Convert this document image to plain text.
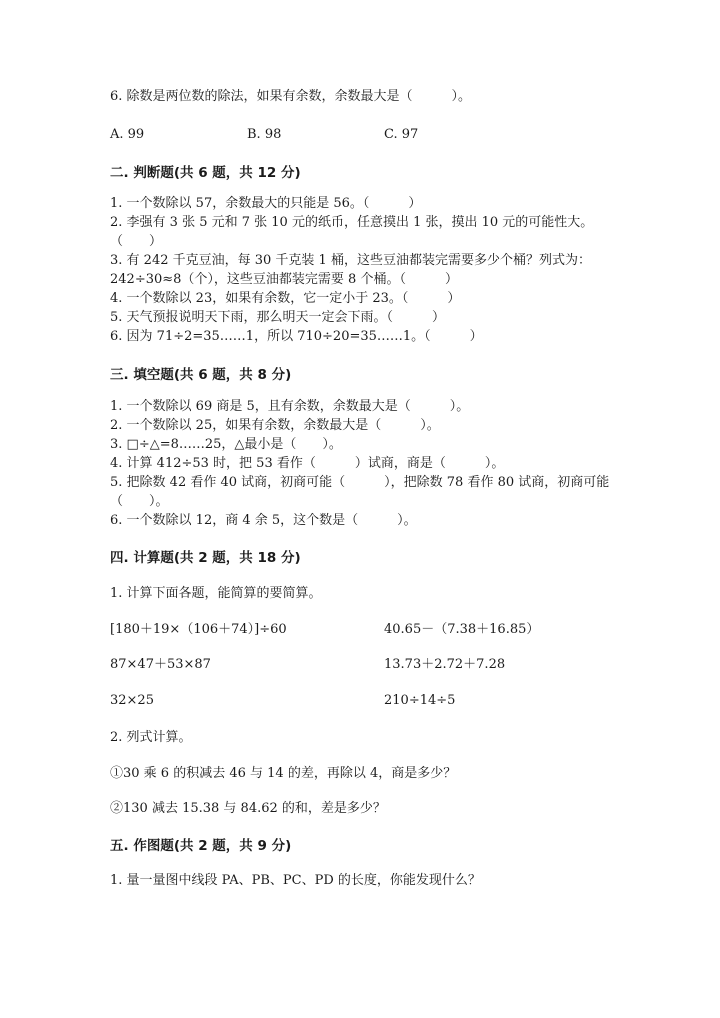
6. 除数是两位数的除法，如果有余数，余数最大是（　　　）。
A. 99	B. 98	C. 97
二. 判断题(共 6 题，共 12 分)
1. 一个数除以 57，余数最大的只能是 56。（　　　）
2. 李强有 3 张 5 元和 7 张 10 元的纸币，任意摸出 1 张，摸出 10 元的可能性大。　　（　　）
3. 有 242 千克豆油，每 30 千克装 1 桶，这些豆油都装完需要多少个桶？列式为：242÷30≈8（个），这些豆油都装完需要 8 个桶。（　　　）
4. 一个数除以 23，如果有余数，它一定小于 23。（　　　）
5. 天气预报说明天下雨，那么明天一定会下雨。（　　　）
6. 因为 71÷2=35……1，所以 710÷20=35……1。（　　　）
三. 填空题(共 6 题，共 8 分)
1. 一个数除以 69 商是 5，且有余数，余数最大是（　　　）。
2. 一个数除以 25，如果有余数，余数最大是（　　　）。
3. □÷△=8……25，△最小是（　　）。
4. 计算 412÷53 时，把 53 看作（　　　）试商，商是（　　　）。
5. 把除数 42 看作 40 试商，初商可能（　　　），把除数 78 看作 80 试商，初商可能（　　）。
6. 一个数除以 12，商 4 余 5，这个数是（　　　）。
四. 计算题(共 2 题，共 18 分)
1. 计算下面各题，能简算的要简算。
[180＋19×（106＋74）]÷60	40.65－（7.38＋16.85）
87×47＋53×87	13.73＋2.72＋7.28
32×25	210÷14÷5
2. 列式计算。
①30 乘 6 的积减去 46 与 14 的差，再除以 4，商是多少？
②130 减去 15.38 与 84.62 的和，差是多少？
五. 作图题(共 2 题，共 9 分)
1. 量一量图中线段 PA、PB、PC、PD 的长度，你能发现什么？
